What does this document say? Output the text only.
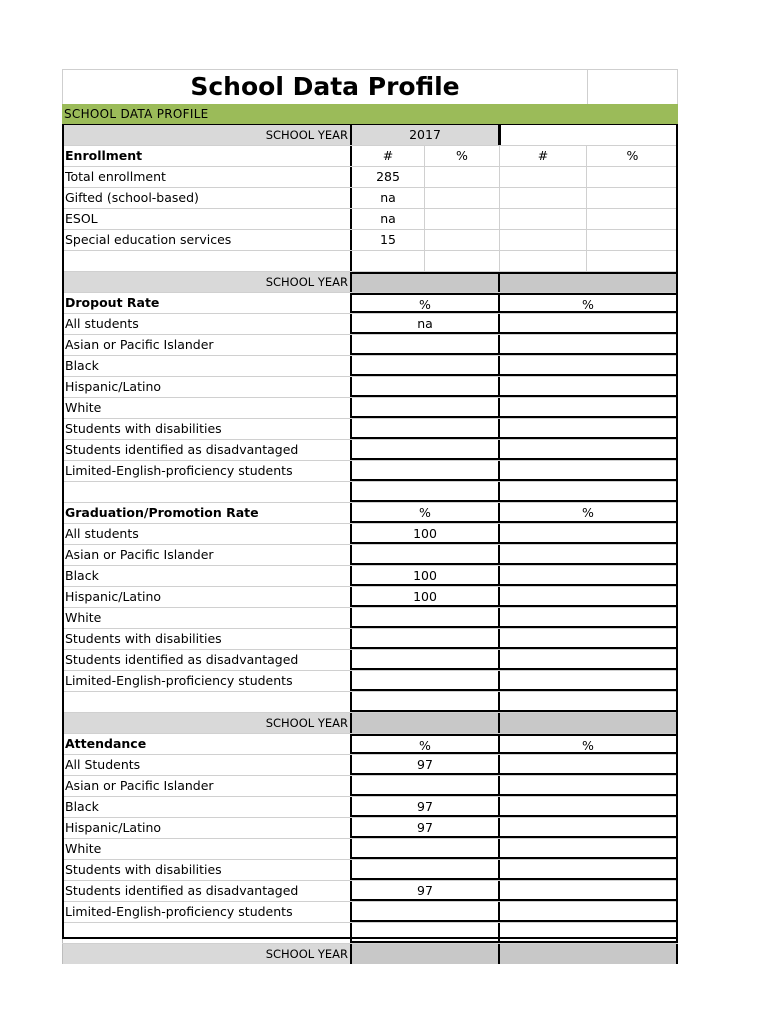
School Data Profile
SCHOOL DATA PROFILE
SCHOOL YEAR	2017
Enrollment	#	%	#	%
Total enrollment	285
Gifted (school-based)	na
ESOL	na
Special education services	15
SCHOOL YEAR
Dropout Rate	%	%
All students	na
Asian or Pacific Islander
Black
Hispanic/Latino
White
Students with disabilities
Students identified as disadvantaged
Limited-English-proficiency students
Graduation/Promotion Rate	%	%
All students	100
Asian or Pacific Islander
Black	100
Hispanic/Latino	100
White
Students with disabilities
Students identified as disadvantaged
Limited-English-proficiency students
SCHOOL YEAR
Attendance	%	%
All Students	97
Asian or Pacific Islander
Black	97
Hispanic/Latino	97
White
Students with disabilities
Students identified as disadvantaged	97
Limited-English-proficiency students
SCHOOL YEAR
